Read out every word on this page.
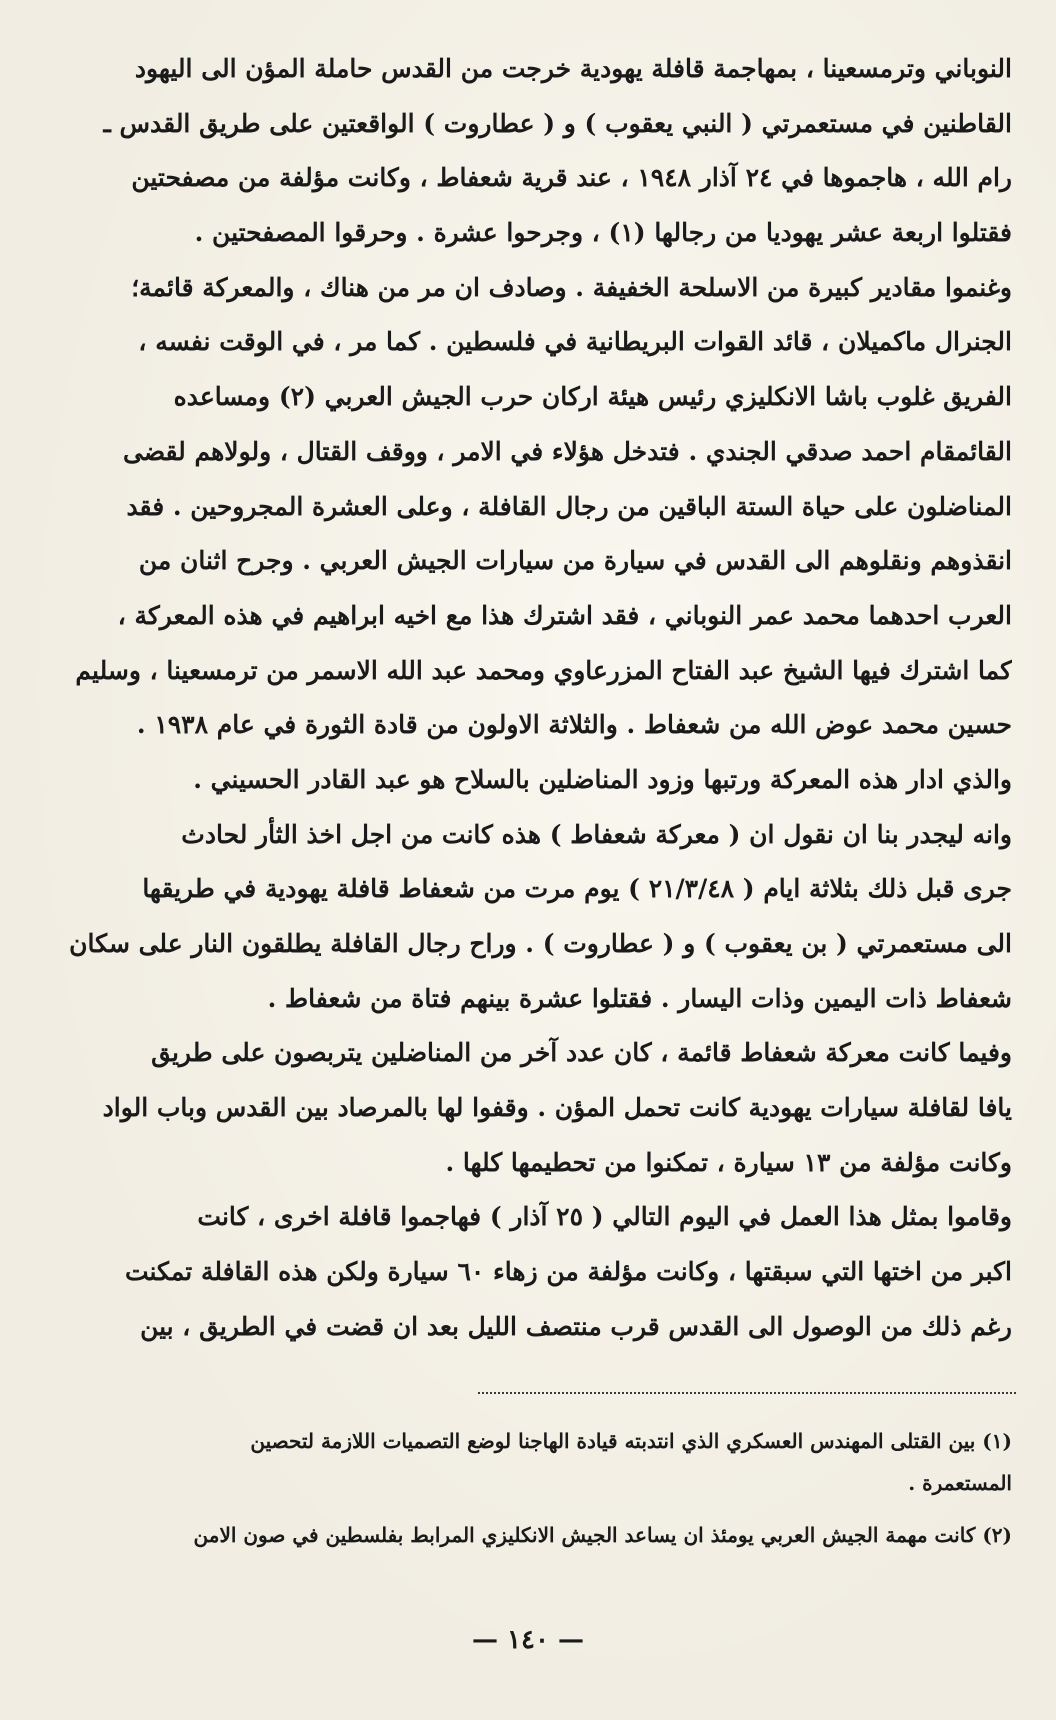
النوباني وترمسعينا ، بمهاجمة قافلة يهودية خرجت من القدس حاملة المؤن الى اليهود
القاطنين في مستعمرتي ( النبي يعقوب ) و ( عطاروت ) الواقعتين على طريق القدس ـ
رام الله ، هاجموها في ٢٤ آذار ١٩٤٨ ، عند قرية شعفاط ، وكانت مؤلفة من مصفحتين
فقتلوا اربعة عشر يهوديا من رجالها (١) ، وجرحوا عشرة . وحرقوا المصفحتين .
وغنموا مقادير كبيرة من الاسلحة الخفيفة . وصادف ان مر من هناك ، والمعركة قائمة؛
الجنرال ماكميلان ، قائد القوات البريطانية في فلسطين . كما مر ، في الوقت نفسه ،
الفريق غلوب باشا الانكليزي رئيس هيئة اركان حرب الجيش العربي (٢) ومساعده
القائمقام احمد صدقي الجندي . فتدخل هؤلاء في الامر ، ووقف القتال ، ولولاهم لقضى
المناضلون على حياة الستة الباقين من رجال القافلة ، وعلى العشرة المجروحين . فقد
انقذوهم ونقلوهم الى القدس في سيارة من سيارات الجيش العربي . وجرح اثنان من
العرب احدهما محمد عمر النوباني ، فقد اشترك هذا مع اخيه ابراهيم في هذه المعركة ،
كما اشترك فيها الشيخ عبد الفتاح المزرعاوي ومحمد عبد الله الاسمر من ترمسعينا ، وسليم
حسين محمد عوض الله من شعفاط . والثلاثة الاولون من قادة الثورة في عام ١٩٣٨ .
والذي ادار هذه المعركة ورتبها وزود المناضلين بالسلاح هو عبد القادر الحسيني .
وانه ليجدر بنا ان نقول ان ( معركة شعفاط ) هذه كانت من اجل اخذ الثأر لحادث
جرى قبل ذلك بثلاثة ايام ( ٢١/٣/٤٨ ) يوم مرت من شعفاط قافلة يهودية في طريقها
الى مستعمرتي ( بن يعقوب ) و ( عطاروت ) . وراح رجال القافلة يطلقون النار على سكان
شعفاط ذات اليمين وذات اليسار . فقتلوا عشرة بينهم فتاة من شعفاط .
وفيما كانت معركة شعفاط قائمة ، كان عدد آخر من المناضلين يتربصون على طريق
يافا لقافلة سيارات يهودية كانت تحمل المؤن . وقفوا لها بالمرصاد بين القدس وباب الواد
وكانت مؤلفة من ١٣ سيارة ، تمكنوا من تحطيمها كلها .
وقاموا بمثل هذا العمل في اليوم التالي ( ٢٥ آذار ) فهاجموا قافلة اخرى ، كانت
اكبر من اختها التي سبقتها ، وكانت مؤلفة من زهاء ٦٠ سيارة ولكن هذه القافلة تمكنت
رغم ذلك من الوصول الى القدس قرب منتصف الليل بعد ان قضت في الطريق ، بين
(١) بين القتلى المهندس العسكري الذي انتدبته قيادة الهاجنا لوضع التصميات اللازمة لتحصين
المستعمرة .
(٢) كانت مهمة الجيش العربي يومئذ ان يساعد الجيش الانكليزي المرابط بفلسطين في صون الامن
— ١٤٠ —
